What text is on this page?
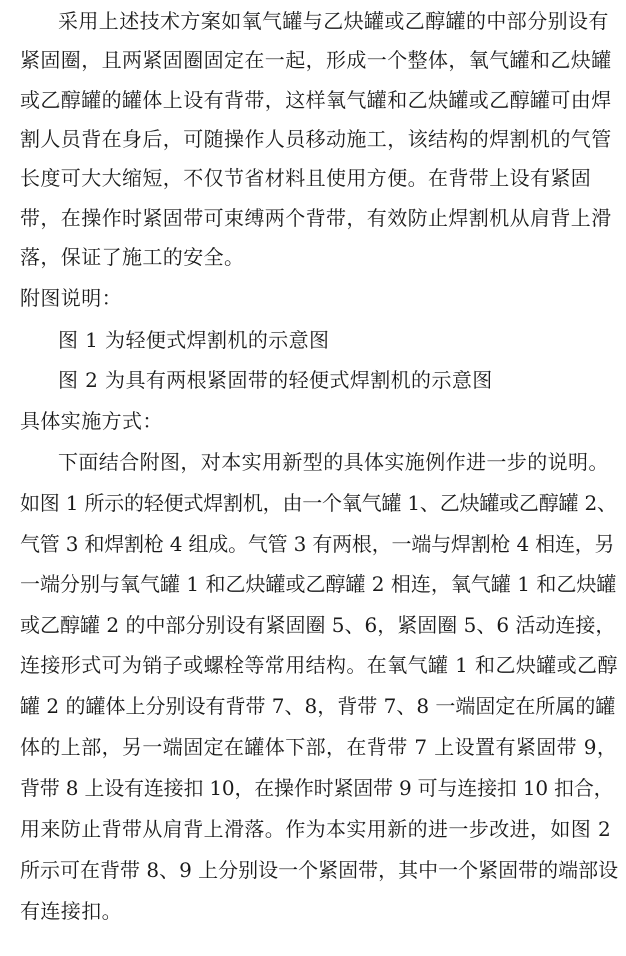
采用上述技术方案如氧气罐与乙炔罐或乙醇罐的中部分别设有
紧固圈，且两紧固圈固定在一起，形成一个整体，氧气罐和乙炔罐
或乙醇罐的罐体上设有背带，这样氧气罐和乙炔罐或乙醇罐可由焊
割人员背在身后，可随操作人员移动施工，该结构的焊割机的气管
长度可大大缩短，不仅节省材料且使用方便。在背带上设有紧固
带，在操作时紧固带可束缚两个背带，有效防止焊割机从肩背上滑
落，保证了施工的安全。
附图说明：
图 1 为轻便式焊割机的示意图
图 2 为具有两根紧固带的轻便式焊割机的示意图
具体实施方式：
下面结合附图，对本实用新型的具体实施例作进一步的说明。
如图 1 所示的轻便式焊割机，由一个氧气罐 1、乙炔罐或乙醇罐 2、
气管 3 和焊割枪 4 组成。气管 3 有两根，一端与焊割枪 4 相连，另
一端分别与氧气罐 1 和乙炔罐或乙醇罐 2 相连，氧气罐 1 和乙炔罐
或乙醇罐 2 的中部分别设有紧固圈 5、6，紧固圈 5、6 活动连接，
连接形式可为销子或螺栓等常用结构。在氧气罐 1 和乙炔罐或乙醇
罐 2 的罐体上分别设有背带 7、8，背带 7、8 一端固定在所属的罐
体的上部，另一端固定在罐体下部，在背带 7 上设置有紧固带 9，
背带 8 上设有连接扣 10，在操作时紧固带 9 可与连接扣 10 扣合，
用来防止背带从肩背上滑落。作为本实用新的进一步改进，如图 2
所示可在背带 8、9 上分别设一个紧固带，其中一个紧固带的端部设
有连接扣。
